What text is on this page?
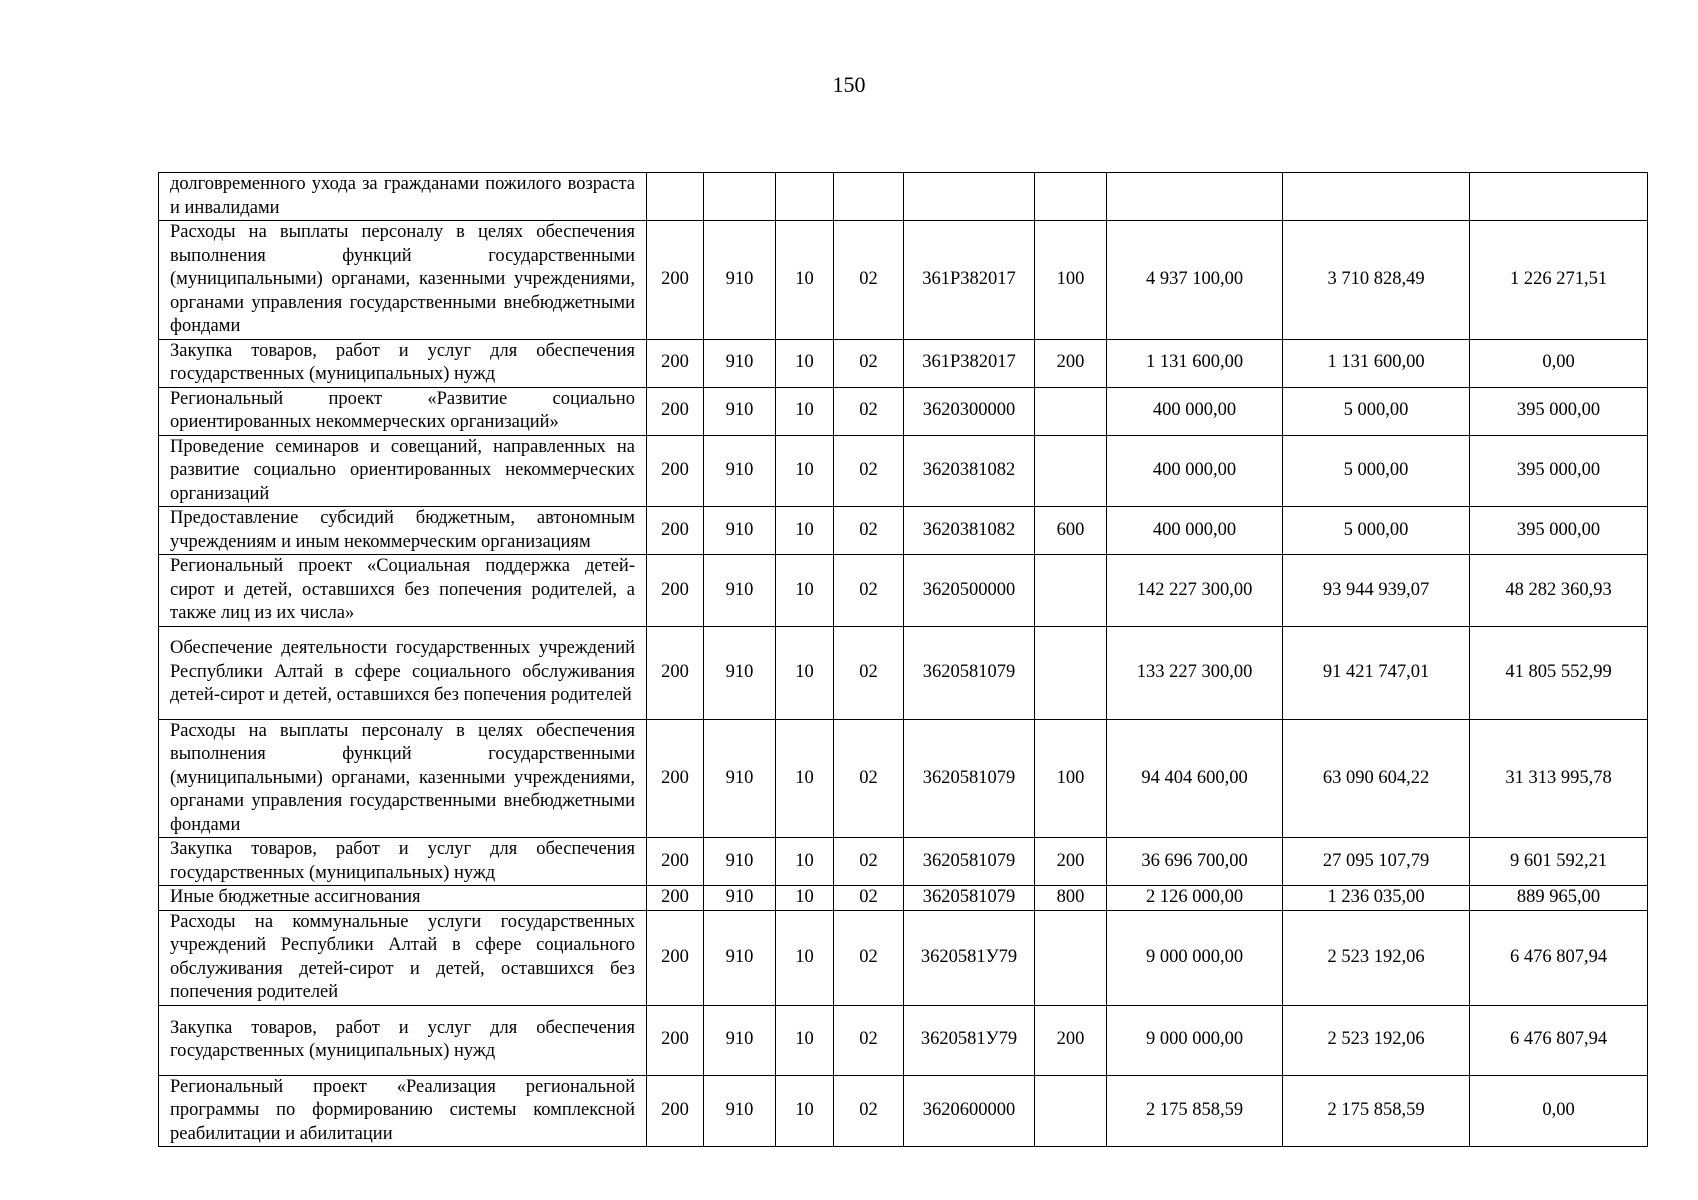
150
долговременного ухода за гражданами пожилого возраста и инвалидами									
Расходы на выплаты персоналу в целях обеспечения выполнения функций государственными (муниципальными) органами, казенными учреждениями, органами управления государственными внебюджетными фондами	200	910	10	02	361P382017	100	4 937 100,00	3 710 828,49	1 226 271,51
Закупка товаров, работ и услуг для обеспечения государственных (муниципальных) нужд	200	910	10	02	361P382017	200	1 131 600,00	1 131 600,00	0,00
Региональный проект «Развитие социально ориентированных некоммерческих организаций»	200	910	10	02	3620300000		400 000,00	5 000,00	395 000,00
Проведение семинаров и совещаний, направленных на развитие социально ориентированных некоммерческих организаций	200	910	10	02	3620381082		400 000,00	5 000,00	395 000,00
Предоставление субсидий бюджетным, автономным учреждениям и иным некоммерческим организациям	200	910	10	02	3620381082	600	400 000,00	5 000,00	395 000,00
Региональный проект «Социальная поддержка детей-сирот и детей, оставшихся без попечения родителей, а также лиц из их числа»	200	910	10	02	3620500000		142 227 300,00	93 944 939,07	48 282 360,93
Обеспечение деятельности государственных учреждений Республики Алтай в сфере социального обслуживания детей-сирот и детей, оставшихся без попечения родителей	200	910	10	02	3620581079		133 227 300,00	91 421 747,01	41 805 552,99
Расходы на выплаты персоналу в целях обеспечения выполнения функций государственными (муниципальными) органами, казенными учреждениями, органами управления государственными внебюджетными фондами	200	910	10	02	3620581079	100	94 404 600,00	63 090 604,22	31 313 995,78
Закупка товаров, работ и услуг для обеспечения государственных (муниципальных) нужд	200	910	10	02	3620581079	200	36 696 700,00	27 095 107,79	9 601 592,21
Иные бюджетные ассигнования	200	910	10	02	3620581079	800	2 126 000,00	1 236 035,00	889 965,00
Расходы на коммунальные услуги государственных учреждений Республики Алтай в сфере социального обслуживания детей-сирот и детей, оставшихся без попечения родителей	200	910	10	02	3620581У79		9 000 000,00	2 523 192,06	6 476 807,94
Закупка товаров, работ и услуг для обеспечения государственных (муниципальных) нужд	200	910	10	02	3620581У79	200	9 000 000,00	2 523 192,06	6 476 807,94
Региональный проект «Реализация региональной программы по формированию системы комплексной реабилитации и абилитации	200	910	10	02	3620600000		2 175 858,59	2 175 858,59	0,00
